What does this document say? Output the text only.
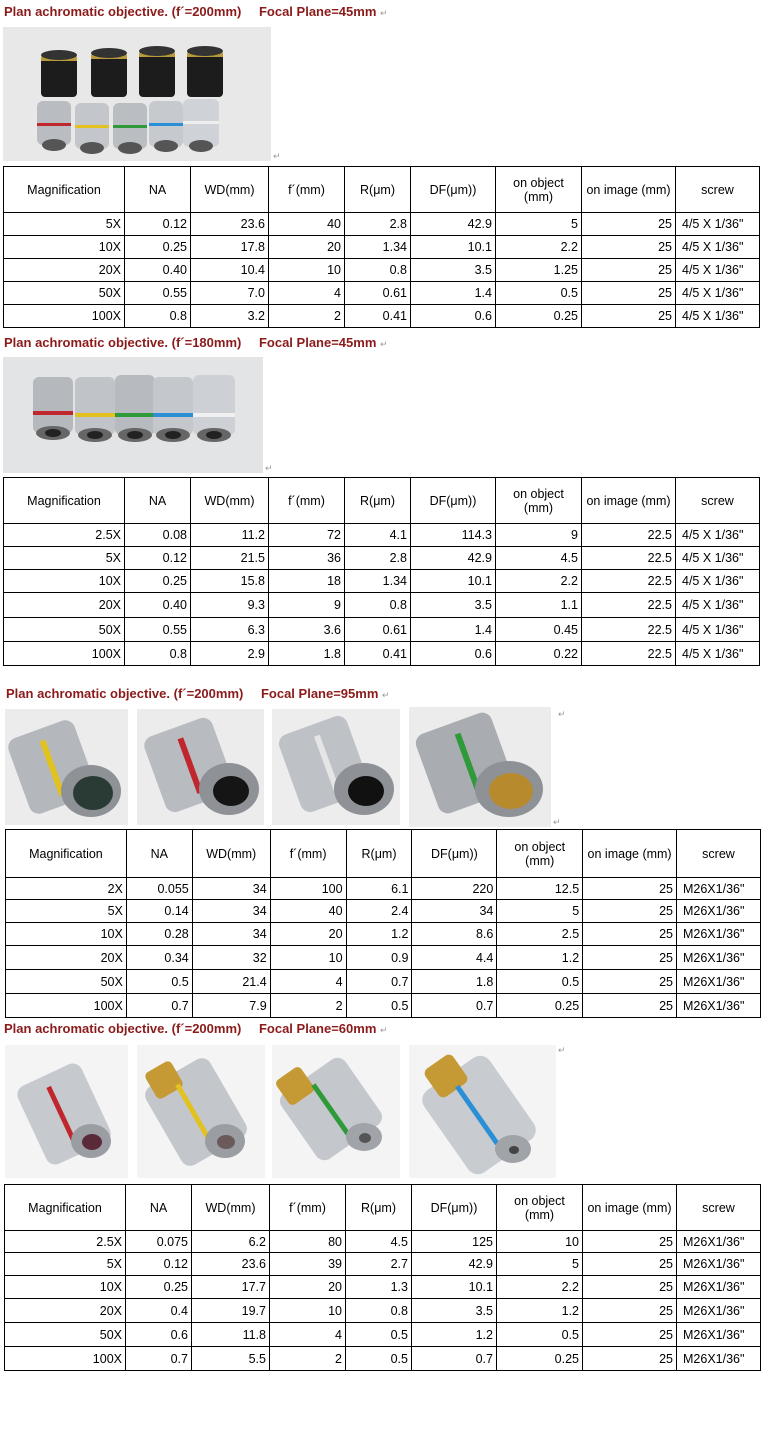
Plan achromatic objective. (f´=200mm) Focal Plane=45mm ↵
↵
Magnification	NA	WD(mm)	f´(mm)	R(μm)	DF(μm))	on object (mm)	on image (mm)	screw
5X	0.12	23.6	40	2.8	42.9	5	25	4/5 X 1/36"
10X	0.25	17.8	20	1.34	10.1	2.2	25	4/5 X 1/36"
20X	0.40	10.4	10	0.8	3.5	1.25	25	4/5 X 1/36"
50X	0.55	7.0	4	0.61	1.4	0.5	25	4/5 X 1/36"
100X	0.8	3.2	2	0.41	0.6	0.25	25	4/5 X 1/36"
Plan achromatic objective. (f´=180mm) Focal Plane=45mm ↵
↵
Magnification	NA	WD(mm)	f´(mm)	R(μm)	DF(μm))	on object (mm)	on image (mm)	screw
2.5X	0.08	11.2	72	4.1	114.3	9	22.5	4/5 X 1/36"
5X	0.12	21.5	36	2.8	42.9	4.5	22.5	4/5 X 1/36"
10X	0.25	15.8	18	1.34	10.1	2.2	22.5	4/5 X 1/36"
20X	0.40	9.3	9	0.8	3.5	1.1	22.5	4/5 X 1/36"
50X	0.55	6.3	3.6	0.61	1.4	0.45	22.5	4/5 X 1/36"
100X	0.8	2.9	1.8	0.41	0.6	0.22	22.5	4/5 X 1/36"
Plan achromatic objective. (f´=200mm) Focal Plane=95mm ↵
↵
↵
Magnification	NA	WD(mm)	f´(mm)	R(μm)	DF(μm))	on object (mm)	on image (mm)	screw
2X	0.055	34	100	6.1	220	12.5	25	M26X1/36"
5X	0.14	34	40	2.4	34	5	25	M26X1/36"
10X	0.28	34	20	1.2	8.6	2.5	25	M26X1/36"
20X	0.34	32	10	0.9	4.4	1.2	25	M26X1/36"
50X	0.5	21.4	4	0.7	1.8	0.5	25	M26X1/36"
100X	0.7	7.9	2	0.5	0.7	0.25	25	M26X1/36"
Plan achromatic objective. (f´=200mm) Focal Plane=60mm ↵
↵
Magnification	NA	WD(mm)	f´(mm)	R(μm)	DF(μm))	on object (mm)	on image (mm)	screw
2.5X	0.075	6.2	80	4.5	125	10	25	M26X1/36"
5X	0.12	23.6	39	2.7	42.9	5	25	M26X1/36"
10X	0.25	17.7	20	1.3	10.1	2.2	25	M26X1/36"
20X	0.4	19.7	10	0.8	3.5	1.2	25	M26X1/36"
50X	0.6	11.8	4	0.5	1.2	0.5	25	M26X1/36"
100X	0.7	5.5	2	0.5	0.7	0.25	25	M26X1/36"
